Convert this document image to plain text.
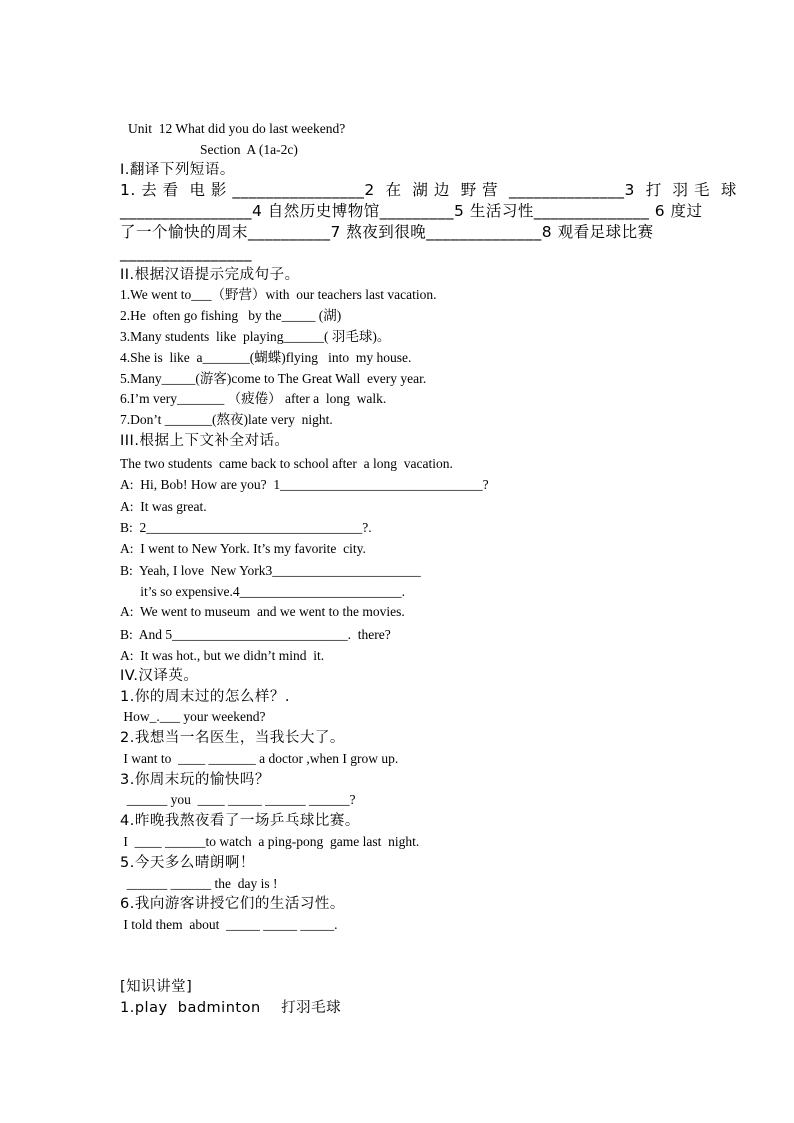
Unit  12 What did you do last weekend?
Section  A (1a-2c)
I.翻译下列短语。
1. 去 看  电 影 ________________2  在  湖 边  野 营  ______________3  打  羽 毛  球
________________4 自然历史博物馆_________5 生活习性______________ 6 度过
了一个愉快的周末__________7 熬夜到很晚______________8 观看足球比赛
________________
II.根据汉语提示完成句子。
1.We went to___（野营）with  our teachers last vacation.
2.He  often go fishing   by the_____ (湖)
3.Many students  like  playing______( 羽毛球)。
4.She is  like  a_______(蝴蝶)flying   into  my house.
5.Many_____(游客)come to The Great Wall  every year.
6.I’m very_______ （疲倦） after a  long  walk.
7.Don’t _______(熬夜)late very  night.
III.根据上下文补全对话。
The two students  came back to school after  a long  vacation.
A:  Hi, Bob! How are you?  1______________________________?
A:  It was great.
B:  2________________________________?.
A:  I went to New York. It’s my favorite  city.
B:  Yeah, I love  New York3______________________
it’s so expensive.4________________________.
A:  We went to museum  and we went to the movies.
B:  And 5__________________________.  there?
A:  It was hot., but we didn’t mind  it.
IV.汉译英。
1.你的周末过的怎么样？.
How_.___ your weekend?
2.我想当一名医生，当我长大了。
I want to  ____ _______ a doctor ,when I grow up.
3.你周末玩的愉快吗？
______ you  ____ _____ ______ ______?
4.昨晚我熬夜看了一场乒乓球比赛。
I  ____ ______to watch  a ping-pong  game last  night.
5.今天多么晴朗啊！
______ ______ the  day is !
6.我向游客讲授它们的生活习性。
I told them  about  _____ _____ _____.
[知识讲堂]
1.play  badminton    打羽毛球
